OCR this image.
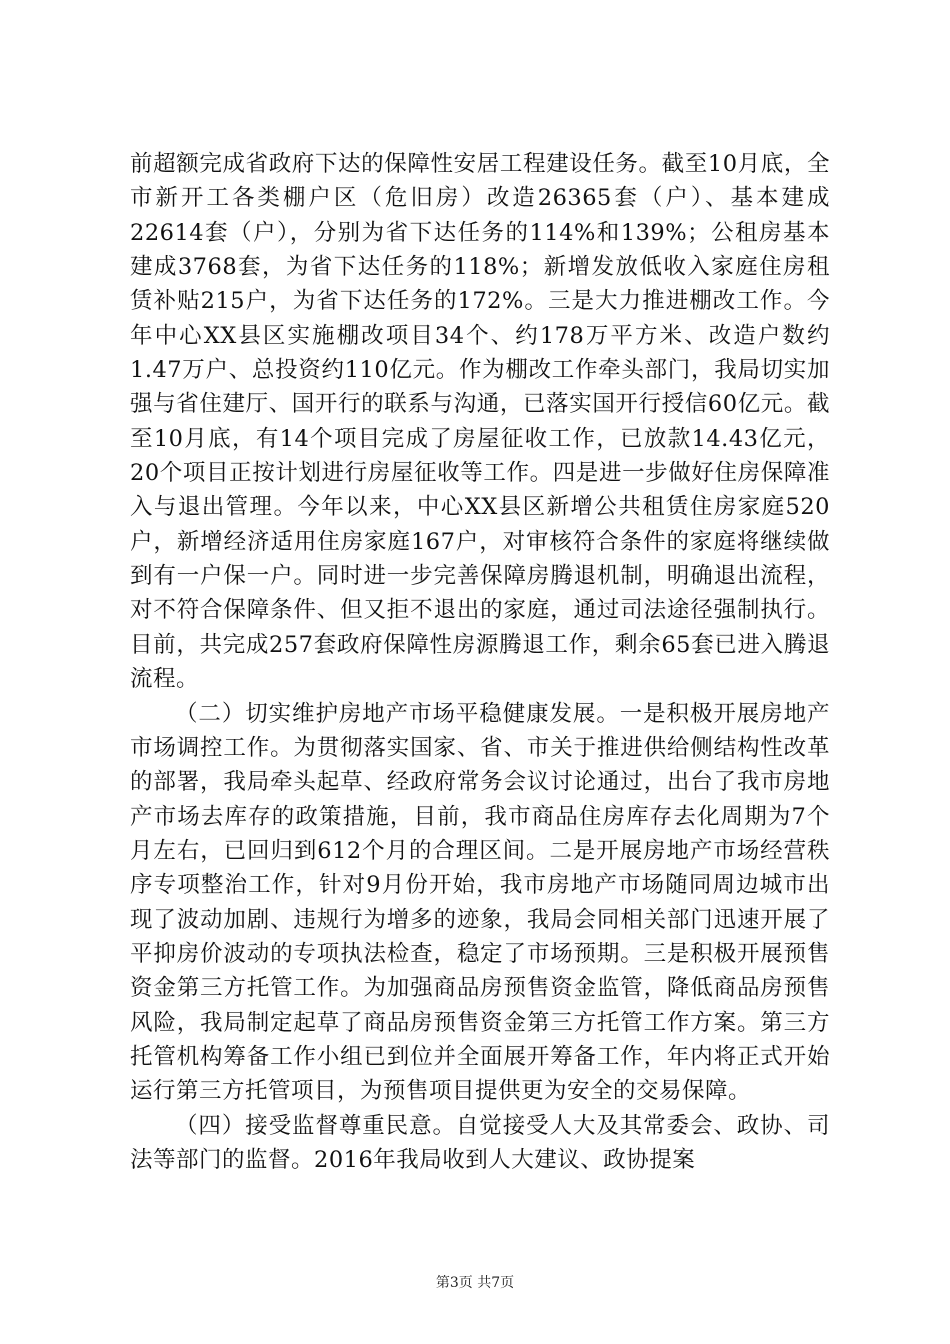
前超额完成省政府下达的保障性安居工程建设任务。截至10月底，全市新开工各类棚户区（危旧房）改造26365套（户）、基本建成22614套（户），分别为省下达任务的114%和139%；公租房基本建成3768套，为省下达任务的118%；新增发放低收入家庭住房租赁补贴215户，为省下达任务的172%。三是大力推进棚改工作。今年中心XX县区实施棚改项目34个、约178万平方米、改造户数约1.47万户、总投资约110亿元。作为棚改工作牵头部门，我局切实加强与省住建厅、国开行的联系与沟通，已落实国开行授信60亿元。截至10月底，有14个项目完成了房屋征收工作，已放款14.43亿元，20个项目正按计划进行房屋征收等工作。四是进一步做好住房保障准入与退出管理。今年以来，中心XX县区新增公共租赁住房家庭520户，新增经济适用住房家庭167户，对审核符合条件的家庭将继续做到有一户保一户。同时进一步完善保障房腾退机制，明确退出流程，对不符合保障条件、但又拒不退出的家庭，通过司法途径强制执行。目前，共完成257套政府保障性房源腾退工作，剩余65套已进入腾退流程。

（二）切实维护房地产市场平稳健康发展。一是积极开展房地产市场调控工作。为贯彻落实国家、省、市关于推进供给侧结构性改革的部署，我局牵头起草、经政府常务会议讨论通过，出台了我市房地产市场去库存的政策措施，目前，我市商品住房库存去化周期为7个月左右，已回归到612个月的合理区间。二是开展房地产市场经营秩序专项整治工作，针对9月份开始，我市房地产市场随同周边城市出现了波动加剧、违规行为增多的迹象，我局会同相关部门迅速开展了平抑房价波动的专项执法检查，稳定了市场预期。三是积极开展预售资金第三方托管工作。为加强商品房预售资金监管，降低商品房预售风险，我局制定起草了商品房预售资金第三方托管工作方案。第三方托管机构筹备工作小组已到位并全面展开筹备工作，年内将正式开始运行第三方托管项目，为预售项目提供更为安全的交易保障。

（四）接受监督尊重民意。自觉接受人大及其常委会、政协、司法等部门的监督。2016年我局收到人大建议、政协提案

第3页 共7页
